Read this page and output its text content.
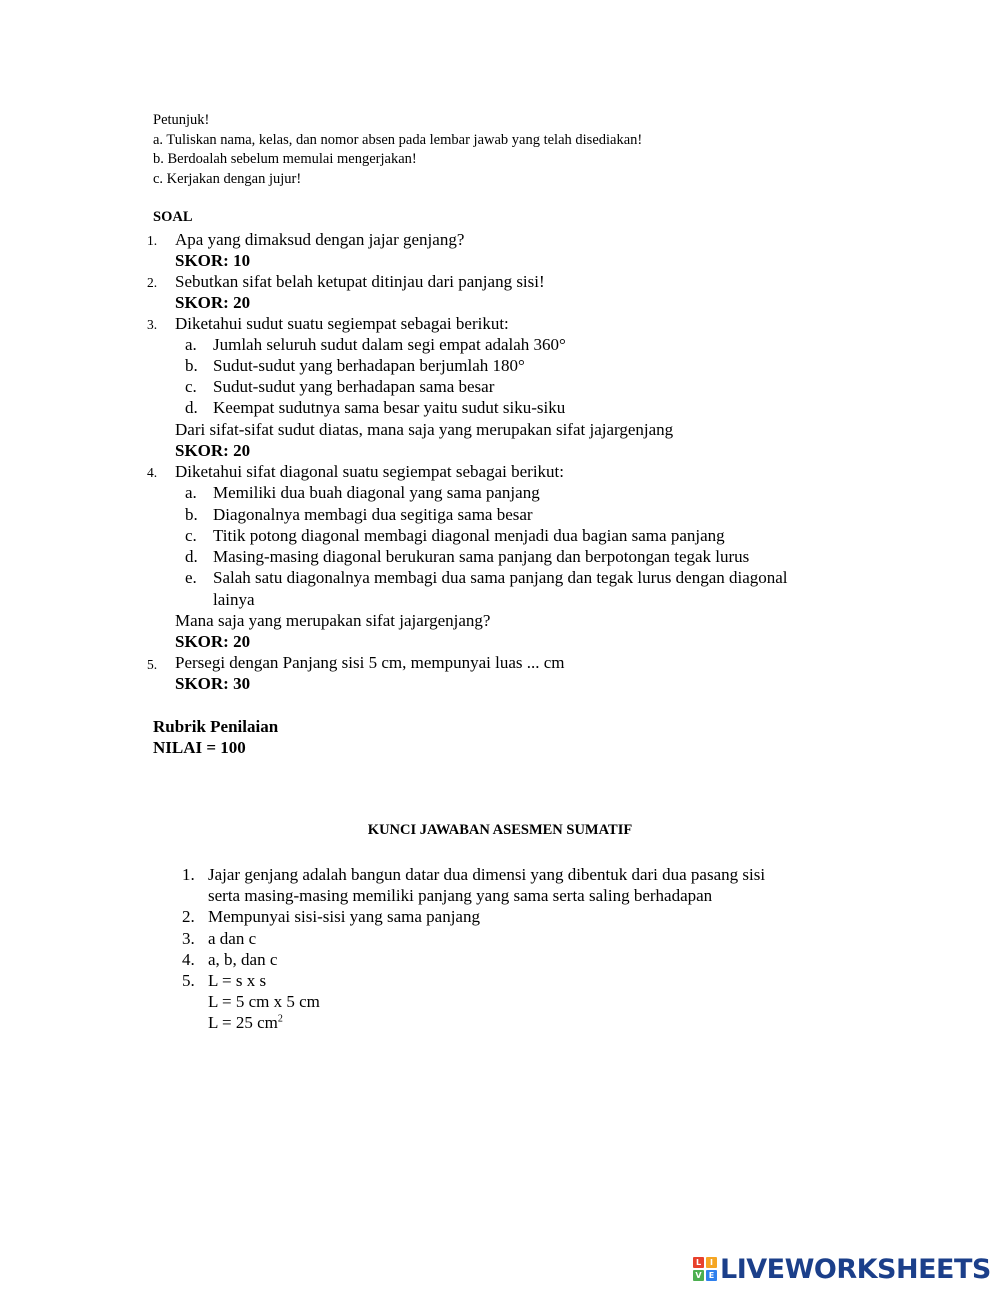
Petunjuk!
a. Tuliskan nama, kelas, dan nomor absen pada lembar jawab yang telah disediakan!
b. Berdoalah sebelum memulai mengerjakan!
c. Kerjakan dengan jujur!
SOAL
1. Apa yang dimaksud dengan jajar genjang?
SKOR: 10
2. Sebutkan sifat belah ketupat ditinjau dari panjang sisi!
SKOR: 20
3. Diketahui sudut suatu segiempat sebagai berikut:
a. Jumlah seluruh sudut dalam segi empat adalah 360°
b. Sudut-sudut yang berhadapan berjumlah 180°
c. Sudut-sudut yang berhadapan sama besar
d. Keempat sudutnya sama besar yaitu sudut siku-siku
Dari sifat-sifat sudut diatas, mana saja yang merupakan sifat jajargenjang
SKOR: 20
4. Diketahui sifat diagonal suatu segiempat sebagai berikut:
a. Memiliki dua buah diagonal yang sama panjang
b. Diagonalnya membagi dua segitiga sama besar
c. Titik potong diagonal membagi diagonal menjadi dua bagian sama panjang
d. Masing-masing diagonal berukuran sama panjang dan berpotongan tegak lurus
e. Salah satu diagonalnya membagi dua sama panjang dan tegak lurus dengan diagonal
lainya
Mana saja yang merupakan sifat jajargenjang?
SKOR: 20
5. Persegi dengan Panjang sisi 5 cm, mempunyai luas ... cm
SKOR: 30
Rubrik Penilaian
NILAI = 100
KUNCI JAWABAN ASESMEN SUMATIF
1. Jajar genjang adalah bangun datar dua dimensi yang dibentuk dari dua pasang sisi
serta masing-masing memiliki panjang yang sama serta saling berhadapan
2. Mempunyai sisi-sisi yang sama panjang
3. a dan c
4. a, b, dan c
5. L = s x s
L = 5 cm x 5 cm
L = 25 $cm^2$
L	I
V E LIVEWORKSHEETS
